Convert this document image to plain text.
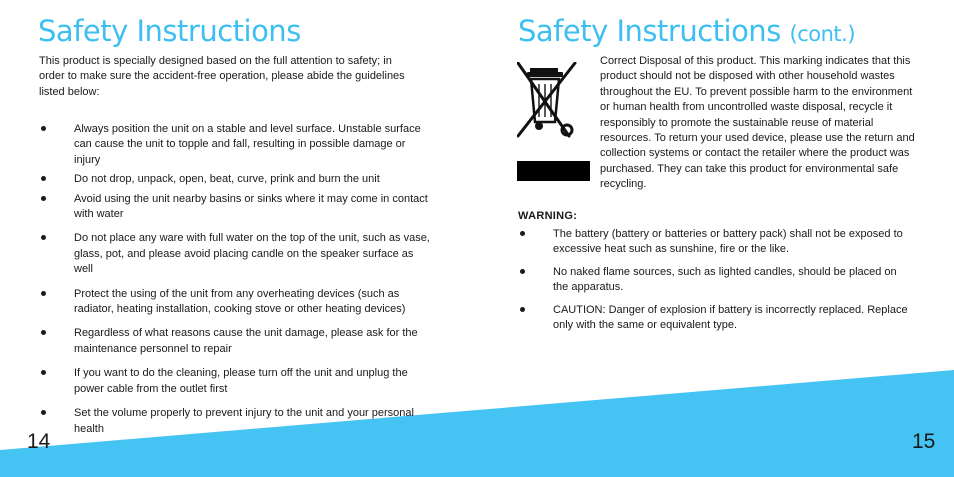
Safety Instructions

This product is specially designed based on the full attention to safety; in order to make sure the accident-free operation, please abide the guidelines listed below:

Always position the unit on a stable and level surface. Unstable surface can cause the unit to topple and fall, resulting in possible damage or injury
Do not drop, unpack, open, beat, curve, prink and burn the unit
Avoid using the unit nearby basins or sinks where it may come in contact with water
Do not place any ware with full water on the top of the unit, such as vase, glass, pot, and please avoid placing candle on the speaker surface as well
Protect the using of the unit from any overheating devices (such as radiator, heating installation, cooking stove or other heating devices)
Regardless of what reasons cause the unit damage, please ask for the maintenance personnel to repair
If you want to do the cleaning, please turn off the unit and unplug the power cable from the outlet first
Set the volume properly to prevent injury to the unit and your personal health
14
Safety Instructions (cont.)

Correct Disposal of this product. This marking indicates that this product should not be disposed with other household wastes throughout the EU. To prevent possible harm to the environment or human health from uncontrolled waste disposal, recycle it responsibly to promote the sustainable reuse of material resources. To return your used device, please use the return and collection systems or contact the retailer where the product was purchased. They can take this product for environmental safe recycling.

WARNING:

The battery (battery or batteries or battery pack) shall not be exposed to excessive heat such as sunshine, fire or the like.
No naked flame sources, such as lighted candles, should be placed on the apparatus.
CAUTION: Danger of explosion if battery is incorrectly replaced. Replace only with the same or equivalent type.
15
